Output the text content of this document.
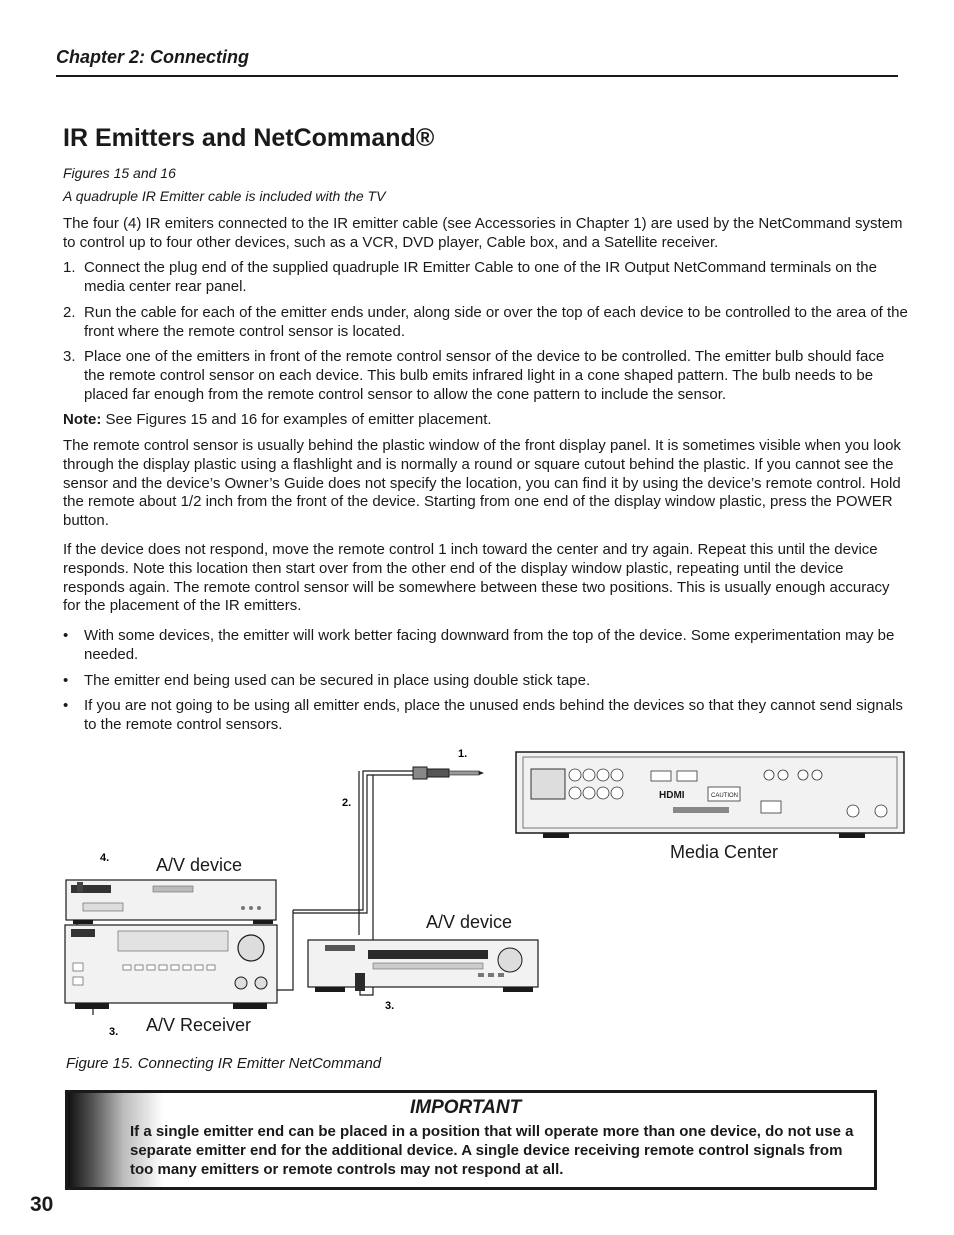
Chapter 2: Connecting
IR Emitters and NetCommand®
Figures 15 and 16
A quadruple IR Emitter cable is included with the TV
The four (4) IR emiters connected to the IR emitter cable (see Accessories in Chapter 1) are used by the NetCommand system to control up to four other devices, such as a VCR, DVD player, Cable box, and a Satellite receiver.
1. Connect the plug end of the supplied quadruple IR Emitter Cable to one of the IR Output NetCommand terminals on the media center rear panel.
2. Run the cable for each of the emitter ends under, along side or over the top of each device to be controlled to the area of the front where the remote control sensor is located.
3. Place one of the emitters in front of the remote control sensor of the device to be controlled. The emitter bulb should face the remote control sensor on each device. This bulb emits infrared light in a cone shaped pattern. The bulb needs to be placed far enough from the remote control sensor to allow the cone pattern to include the sensor.
Note: See Figures 15 and 16 for examples of emitter placement.
The remote control sensor is usually behind the plastic window of the front display panel. It is sometimes visible when you look through the display plastic using a flashlight and is normally a round or square cutout behind the plastic. If you cannot see the sensor and the device’s Owner’s Guide does not specify the location, you can find it by using the device’s remote control. Hold the remote about 1/2 inch from the front of the device. Starting from one end of the display window plastic, press the POWER button.
If the device does not respond, move the remote control 1 inch toward the center and try again. Repeat this until the device responds. Note this location then start over from the other end of the display window plastic, repeating until the device responds again. The remote control sensor will be somewhere between these two positions. This is usually enough accuracy for the placement of the IR emitters.
•	With some devices, the emitter will work better facing downward from the top of the device. Some experimentation may be needed.
•	The emitter end being used can be secured in place using double stick tape.
•	If you are not going to be using all emitter ends, place the unused ends behind the devices so that they cannot send signals to the remote control sensors.
HDMI	CAUTION
1.
2.
4.
3.
3.
Media Center
A/V device
A/V device
A/V Receiver
Figure 15. Connecting IR Emitter NetCommand
IMPORTANT
If a single emitter end can be placed in a position that will operate more than one device, do not use a separate emitter end for the additional device. A single device receiving remote control signals from too many emitters or remote controls may not respond at all.
30
